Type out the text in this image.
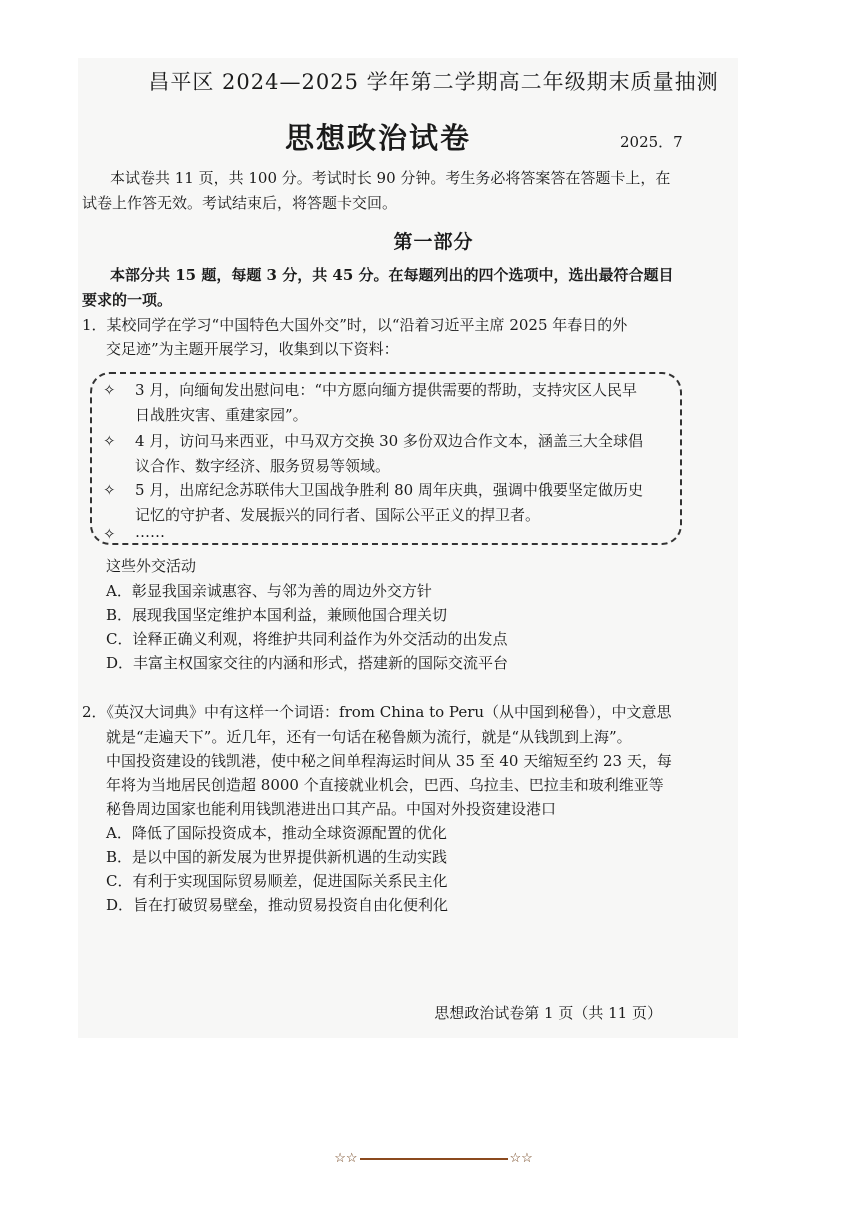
昌平区 2024—2025 学年第二学期高二年级期末质量抽测
思想政治试卷	2025．7
本试卷共 11 页，共 100 分。考试时长 90 分钟。考生务必将答案答在答题卡上，在
试卷上作答无效。考试结束后，将答题卡交回。
第一部分
本部分共 15 题，每题 3 分，共 45 分。在每题列出的四个选项中，选出最符合题目
要求的一项。
1．某校同学在学习“中国特色大国外交”时，以“沿着习近平主席 2025 年春日的外
交足迹”为主题开展学习，收集到以下资料：
✧ 3 月，向缅甸发出慰问电：“中方愿向缅方提供需要的帮助，支持灾区人民早
日战胜灾害、重建家园”。
✧ 4 月，访问马来西亚，中马双方交换 30 多份双边合作文本，涵盖三大全球倡
议合作、数字经济、服务贸易等领域。
✧ 5 月，出席纪念苏联伟大卫国战争胜利 80 周年庆典，强调中俄要坚定做历史
记忆的守护者、发展振兴的同行者、国际公平正义的捍卫者。
✧ ……
这些外交活动
A．彰显我国亲诚惠容、与邻为善的周边外交方针
B．展现我国坚定维护本国利益，兼顾他国合理关切
C．诠释正确义利观，将维护共同利益作为外交活动的出发点
D．丰富主权国家交往的内涵和形式，搭建新的国际交流平台
2．《英汉大词典》中有这样一个词语：from China to Peru（从中国到秘鲁），中文意思
就是“走遍天下”。近几年，还有一句话在秘鲁颇为流行，就是“从钱凯到上海”。
中国投资建设的钱凯港，使中秘之间单程海运时间从 35 至 40 天缩短至约 23 天，每
年将为当地居民创造超 8000 个直接就业机会，巴西、乌拉圭、巴拉圭和玻利维亚等
秘鲁周边国家也能利用钱凯港进出口其产品。中国对外投资建设港口
A．降低了国际投资成本，推动全球资源配置的优化
B．是以中国的新发展为世界提供新机遇的生动实践
C．有利于实现国际贸易顺差，促进国际关系民主化
D．旨在打破贸易壁垒，推动贸易投资自由化便利化
思想政治试卷第 1 页（共 11 页）
☆☆	☆☆
